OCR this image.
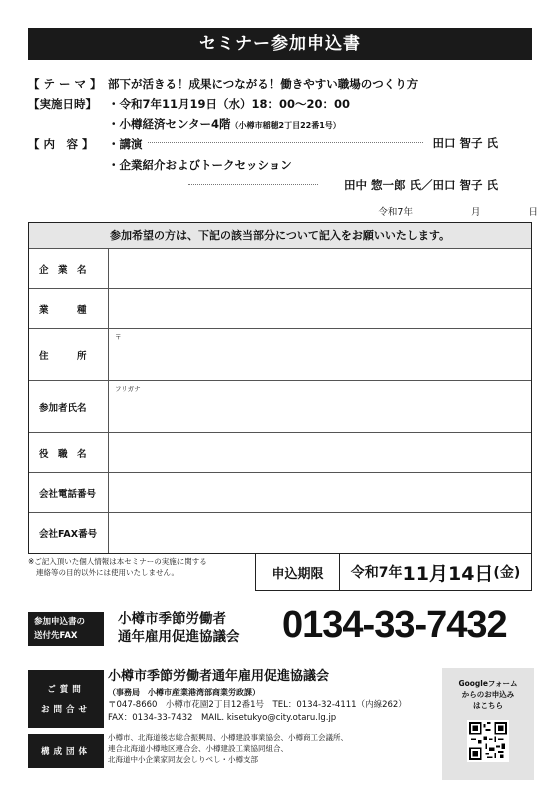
セミナー参加申込書
【 テ ー マ 】 部下が活きる！成果につながる！働きやすい職場のつくり方
【実施日時】 ・令和7年11月19日（水）18：00〜20：00
・小樽経済センター4階（小樽市稲穂2丁目22番1号）
【 内　容 】	・講演	田口 智子 氏
・企業紹介およびトークセッション
田中 惣一郎 氏／田口 智子 氏
令和7年	月	日
参加希望の方は、下記の該当部分について記入をお願いいたします。
企　業　名
業　　　種
住　　　所
〒
参加者氏名
フリガナ
役　職　名
会社電話番号
会社FAX番号
※ご記入頂いた個人情報は本セミナーの実施に関する
連絡等の目的以外には使用いたしません。	申込期限	令和7年 11月14日 (金)
参加申込書の
送付先FAX
小樽市季節労働者
通年雇用促進協議会 0134-33-7432
ご質問
お問合せ
小樽市季節労働者通年雇用促進協議会
（事務局　小樽市産業港湾部商業労政課）
〒047-8660　小樽市花園2丁目12番1号　TEL：0134-32-4111（内線262）
FAX：0134-33-7432　MAIL. kisetukyo@city.otaru.lg.jp
Googleフォーム
からのお申込み
はこちら
構成団体
小樽市、北海道後志総合振興局、小樽建設事業協会、小樽商工会議所、
連合北海道小樽地区連合会、小樽建設工業協同組合、
北海道中小企業家同友会しりべし・小樽支部
